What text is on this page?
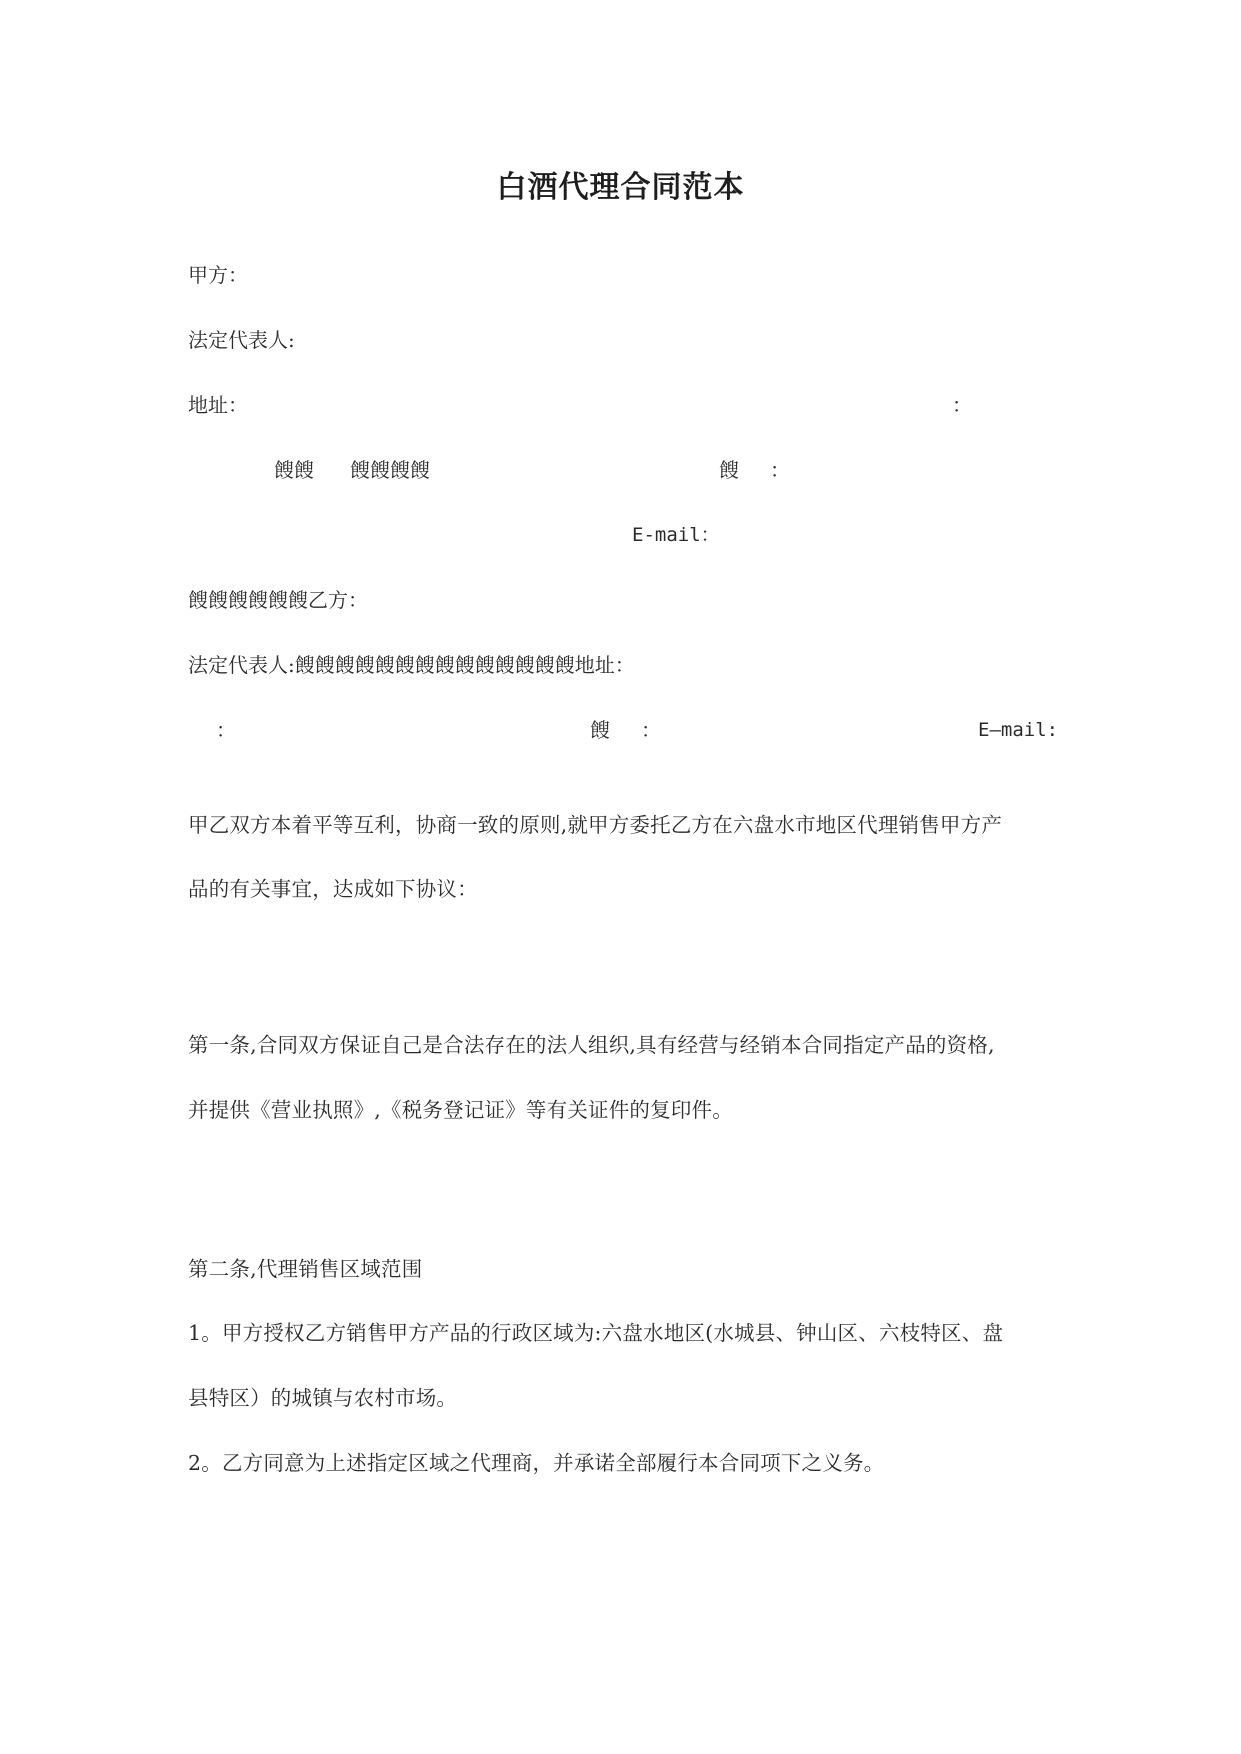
白酒代理合同范本
甲方：
法定代表人:
地址：	：
餿餿 餿餿餿餿	餿 ：
E-mail：
餿餿餿餿餿餿乙方：
法定代表人:餿餿餿餿餿餿餿餿餿餿餿餿餿餿地址：
：	餿 ：	E—mail:
甲乙双方本着平等互利，协商一致的原则,就甲方委托乙方在六盘水市地区代理销售甲方产
品的有关事宜，达成如下协议：
第一条,合同双方保证自己是合法存在的法人组织,具有经营与经销本合同指定产品的资格,
并提供《营业执照》,《税务登记证》等有关证件的复印件。
第二条,代理销售区域范围
1。甲方授权乙方销售甲方产品的行政区域为:六盘水地区(水城县、钟山区、六枝特区、盘
县特区）的城镇与农村市场。
2。乙方同意为上述指定区域之代理商，并承诺全部履行本合同项下之义务。
